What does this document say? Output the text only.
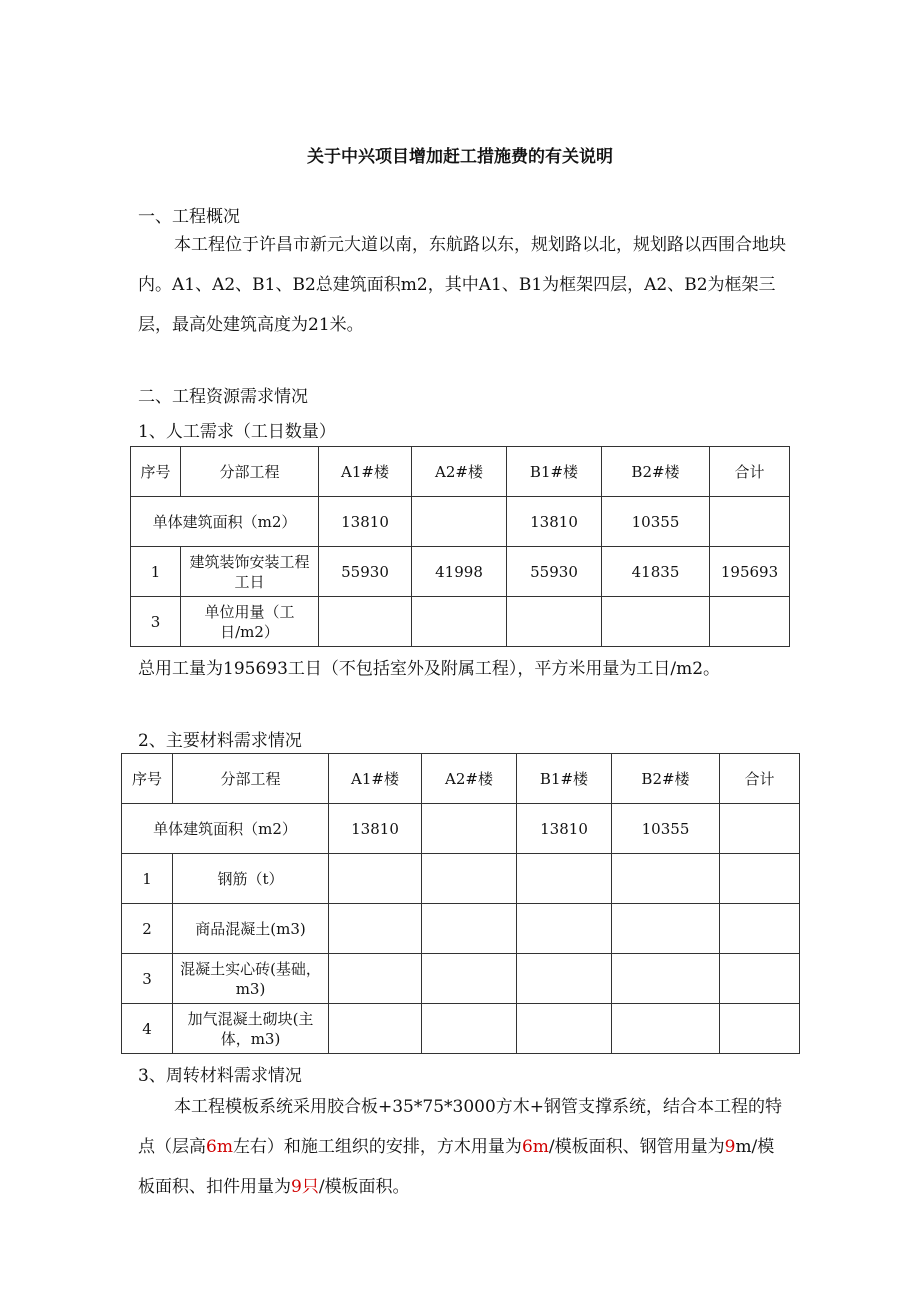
关于中兴项目增加赶工措施费的有关说明
一、工程概况

本工程位于许昌市新元大道以南，东航路以东，规划路以北，规划路以西围合地块内。A1、A2、B1、B2总建筑面积m2，其中A1、B1为框架四层，A2、B2为框架三层，最高处建筑高度为21米。

二、工程资源需求情况
1、人工需求（工日数量）
序号	分部工程	A1#楼	A2#楼	B1#楼	B2#楼	合计
单体建筑面积（m2）		13810		13810	10355	
1	建筑装饰安装工程工日	55930	41998	55930	41835	195693
3	单位用量（工日/m2）					
总用工量为195693工日（不包括室外及附属工程），平方米用量为工日/m2。
2、主要材料需求情况
序号	分部工程	A1#楼	A2#楼	B1#楼	B2#楼	合计
单体建筑面积（m2）		13810		13810	10355	
1	钢筋（t）					
2	商品混凝土(m3)					
3	混凝土实心砖(基础，m3)					
4	加气混凝土砌块(主体，m3)					
3、周转材料需求情况

本工程模板系统采用胶合板+35*75*3000方木+钢管支撑系统，结合本工程的特点（层高6m左右）和施工组织的安排，方木用量为6m/模板面积、钢管用量为9m/模板面积、扣件用量为9只/模板面积。
